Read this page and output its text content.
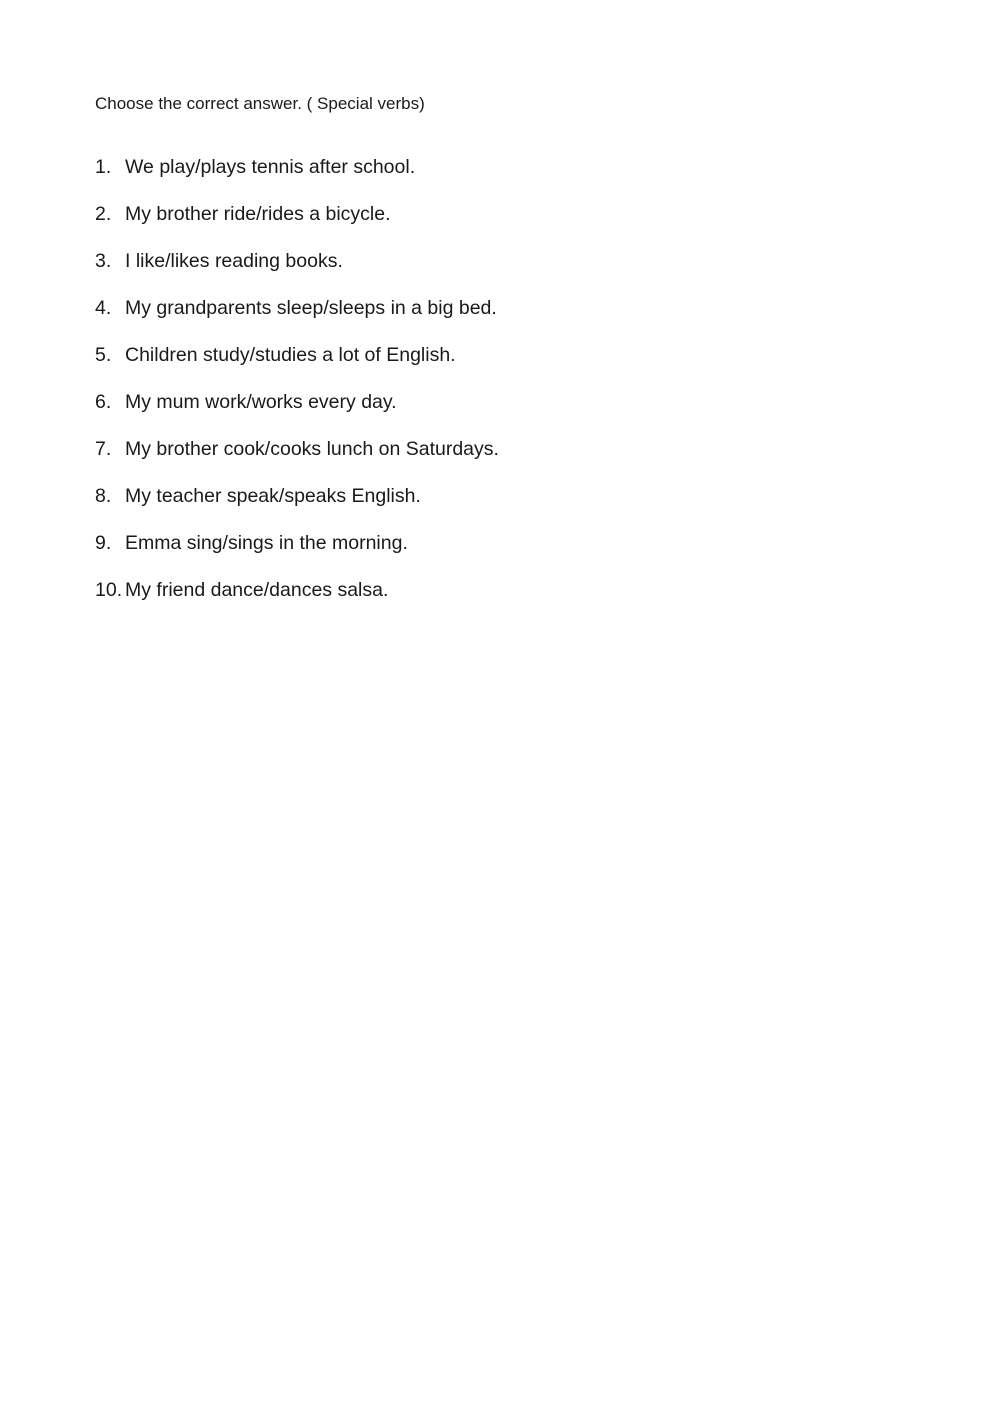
Choose the correct answer. ( Special verbs)

1. We play/plays tennis after school.
2. My brother ride/rides a bicycle.
3. I like/likes reading books.
4. My grandparents sleep/sleeps in a big bed.
5. Children study/studies a lot of English.
6. My mum work/works every day.
7. My brother cook/cooks lunch on Saturdays.
8. My teacher speak/speaks English.
9. Emma sing/sings in the morning.
10. My friend dance/dances salsa.
